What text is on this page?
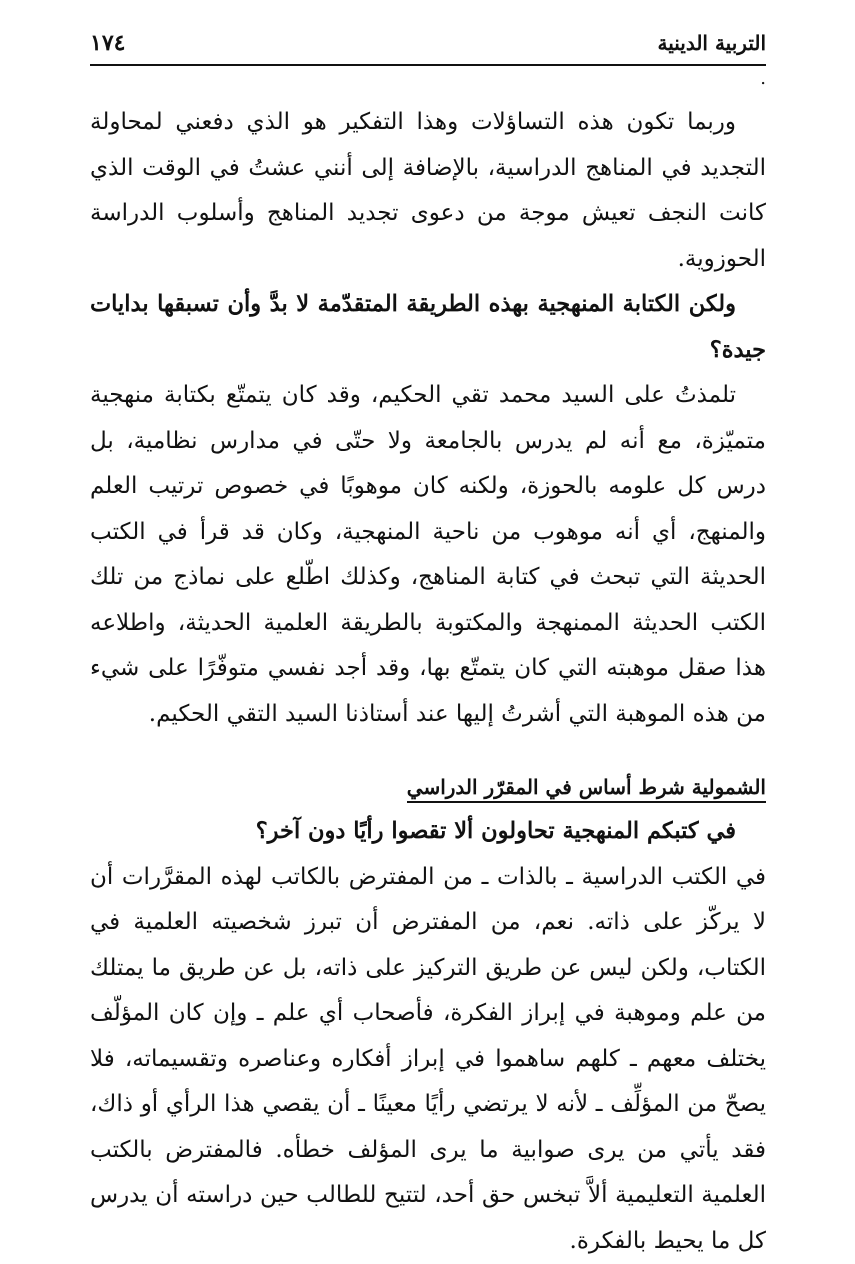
التربية الدينية
١٧٤
.

وربما تكون هذه التساؤلات وهذا التفكير هو الذي دفعني لمحاولة التجديد في المناهج الدراسية، بالإضافة إلى أنني عشتُ في الوقت الذي كانت النجف تعيش موجة من دعوى تجديد المناهج وأسلوب الدراسة الحوزوية.

ولكن الكتابة المنهجية بهذه الطريقة المتقدّمة لا بدَّ وأن تسبقها بدايات جيدة؟

تلمذتُ على السيد محمد تقي الحكيم، وقد كان يتمتّع بكتابة منهجية متميّزة، مع أنه لم يدرس بالجامعة ولا حتّى في مدارس نظامية، بل درس كل علومه بالحوزة، ولكنه كان موهوبًا في خصوص ترتيب العلم والمنهج، أي أنه موهوب من ناحية المنهجية، وكان قد قرأ في الكتب الحديثة التي تبحث في كتابة المناهج، وكذلك اطّلع على نماذج من تلك الكتب الحديثة الممنهجة والمكتوبة بالطريقة العلمية الحديثة، واطلاعه هذا صقل موهبته التي كان يتمتّع بها، وقد أجد نفسي متوفّرًا على شيء من هذه الموهبة التي أشرتُ إليها عند أستاذنا السيد التقي الحكيم.

الشمولية شرط أساس في المقرّر الدراسي

في كتبكم المنهجية تحاولون ألا تقصوا رأيًا دون آخر؟

في الكتب الدراسية ـ بالذات ـ من المفترض بالكاتب لهذه المقرَّرات أن لا يركّز على ذاته. نعم، من المفترض أن تبرز شخصيته العلمية في الكتاب، ولكن ليس عن طريق التركيز على ذاته، بل عن طريق ما يمتلك من علم وموهبة في إبراز الفكرة، فأصحاب أي علم ـ وإن كان المؤلّف يختلف معهم ـ كلهم ساهموا في إبراز أفكاره وعناصره وتقسيماته، فلا يصحّ من المؤلِّف ـ لأنه لا يرتضي رأيًا معينًا ـ أن يقصي هذا الرأي أو ذاك، فقد يأتي من يرى صوابية ما يرى المؤلف خطأه. فالمفترض بالكتب العلمية التعليمية ألاَّ تبخس حق أحد، لتتيح للطالب حين دراسته أن يدرس كل ما يحيط بالفكرة.
